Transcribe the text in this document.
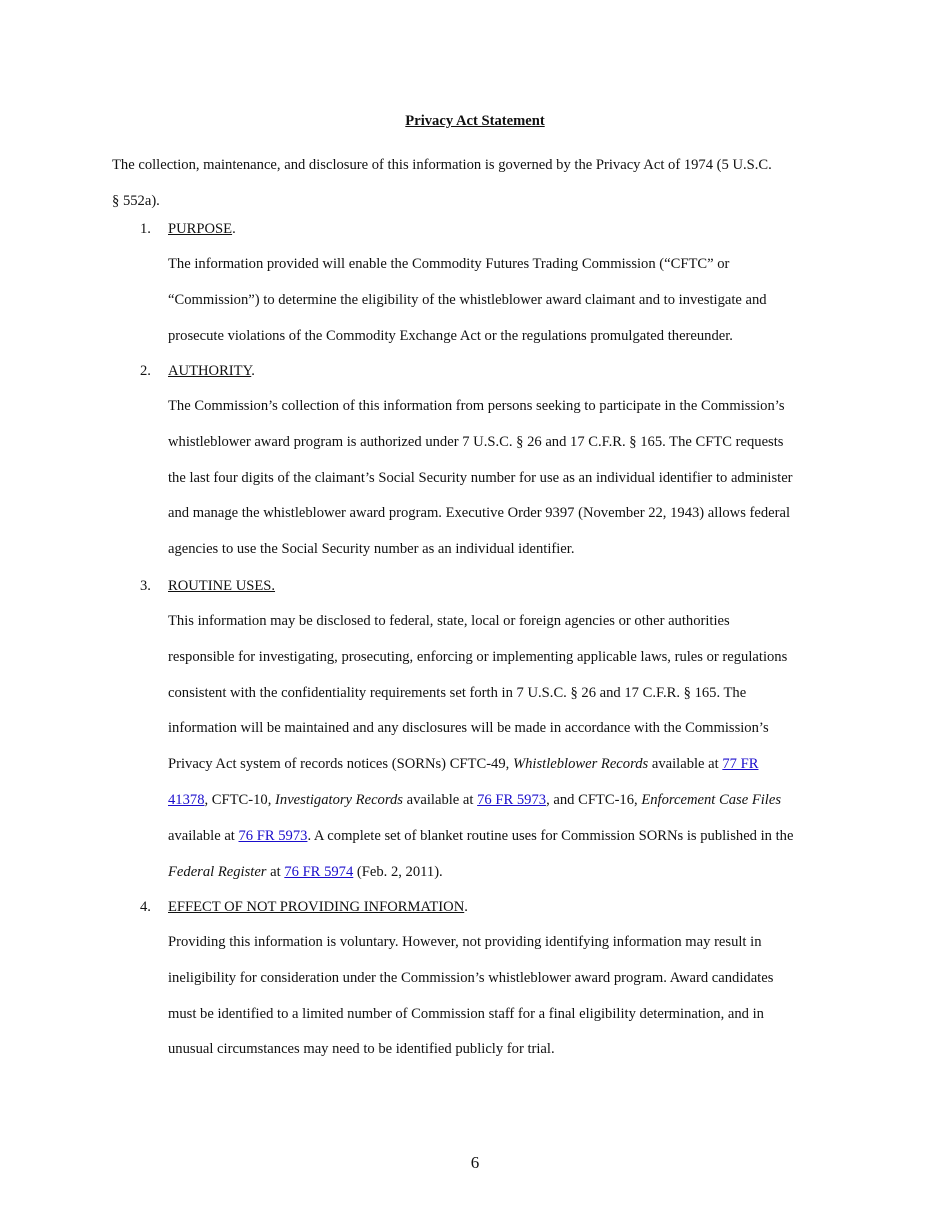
Privacy Act Statement
The collection, maintenance, and disclosure of this information is governed by the Privacy Act of 1974 (5 U.S.C.
§ 552a).
1. PURPOSE.
The information provided will enable the Commodity Futures Trading Commission (“CFTC” or
“Commission”) to determine the eligibility of the whistleblower award claimant and to investigate and
prosecute violations of the Commodity Exchange Act or the regulations promulgated thereunder.
2. AUTHORITY.
The Commission’s collection of this information from persons seeking to participate in the Commission’s
whistleblower award program is authorized under 7 U.S.C. § 26 and 17 C.F.R. § 165. The CFTC requests
the last four digits of the claimant’s Social Security number for use as an individual identifier to administer
and manage the whistleblower award program. Executive Order 9397 (November 22, 1943) allows federal
agencies to use the Social Security number as an individual identifier.
3. ROUTINE USES.
This information may be disclosed to federal, state, local or foreign agencies or other authorities
responsible for investigating, prosecuting, enforcing or implementing applicable laws, rules or regulations
consistent with the confidentiality requirements set forth in 7 U.S.C. § 26 and 17 C.F.R. § 165. The
information will be maintained and any disclosures will be made in accordance with the Commission’s
Privacy Act system of records notices (SORNs) CFTC-49, Whistleblower Records available at 77 FR
41378, CFTC-10, Investigatory Records available at 76 FR 5973, and CFTC-16, Enforcement Case Files
available at 76 FR 5973. A complete set of blanket routine uses for Commission SORNs is published in the
Federal Register at 76 FR 5974 (Feb. 2, 2011).
4. EFFECT OF NOT PROVIDING INFORMATION.
Providing this information is voluntary. However, not providing identifying information may result in
ineligibility for consideration under the Commission’s whistleblower award program. Award candidates
must be identified to a limited number of Commission staff for a final eligibility determination, and in
unusual circumstances may need to be identified publicly for trial.
6
